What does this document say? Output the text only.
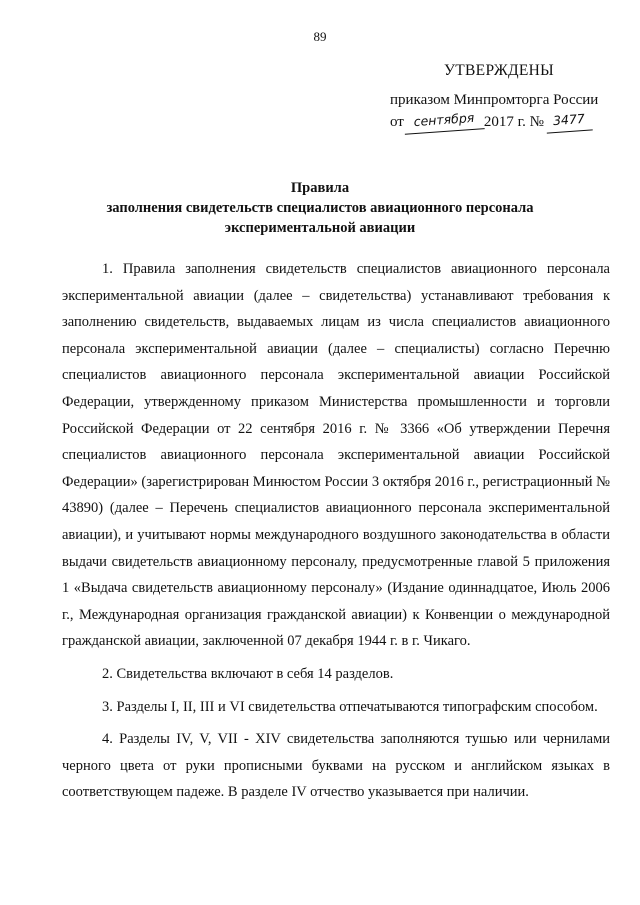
89
УТВЕРЖДЕНЫ
приказом Минпромторга России
от сентября 2017 г. № 3477
Правила
заполнения свидетельств специалистов авиационного персонала
экспериментальной авиации

1. Правила заполнения свидетельств специалистов авиационного персонала экспериментальной авиации (далее – свидетельства) устанавливают требования к заполнению свидетельств, выдаваемых лицам из числа специалистов авиационного персонала экспериментальной авиации (далее – специалисты) согласно Перечню специалистов авиационного персонала экспериментальной авиации Российской Федерации, утвержденному приказом Министерства промышленности и торговли Российской Федерации от 22 сентября 2016 г. № 3366 «Об утверждении Перечня специалистов авиационного персонала экспериментальной авиации Российской Федерации» (зарегистрирован Минюстом России 3 октября 2016 г., регистрационный № 43890) (далее – Перечень специалистов авиационного персонала экспериментальной авиации), и учитывают нормы международного воздушного законодательства в области выдачи свидетельств авиационному персоналу, предусмотренные главой 5 приложения 1 «Выдача свидетельств авиационному персоналу» (Издание одиннадцатое, Июль 2006 г., Международная организация гражданской авиации) к Конвенции о международной гражданской авиации, заключенной 07 декабря 1944 г. в г. Чикаго.

2. Свидетельства включают в себя 14 разделов.

3. Разделы I, II, III и VI свидетельства отпечатываются типографским способом.

4. Разделы IV, V, VII - XIV свидетельства заполняются тушью или чернилами черного цвета от руки прописными буквами на русском и английском языках в соответствующем падеже. В разделе IV отчество указывается при наличии.
